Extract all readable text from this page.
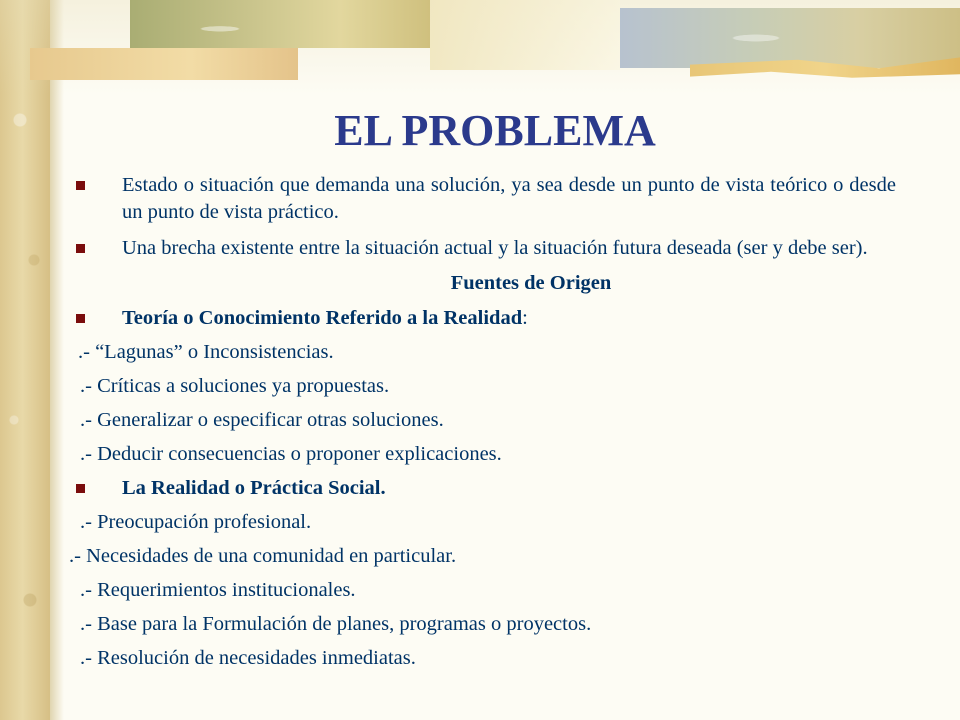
EL PROBLEMA
Estado o situación que demanda una solución, ya sea desde un punto de vista teórico o desde un punto de vista práctico.
Una brecha existente entre la situación actual y la situación futura deseada (ser y debe ser).
Fuentes de Origen
Teoría o Conocimiento Referido a la Realidad:
.- “Lagunas” o Inconsistencias.
.- Críticas a soluciones ya propuestas.
.- Generalizar o especificar otras soluciones.
.- Deducir consecuencias o proponer explicaciones.
La Realidad o Práctica Social.
.- Preocupación profesional.
.- Necesidades de una comunidad en particular.
.- Requerimientos institucionales.
.- Base para la Formulación de planes, programas o proyectos.
.- Resolución de necesidades inmediatas.
